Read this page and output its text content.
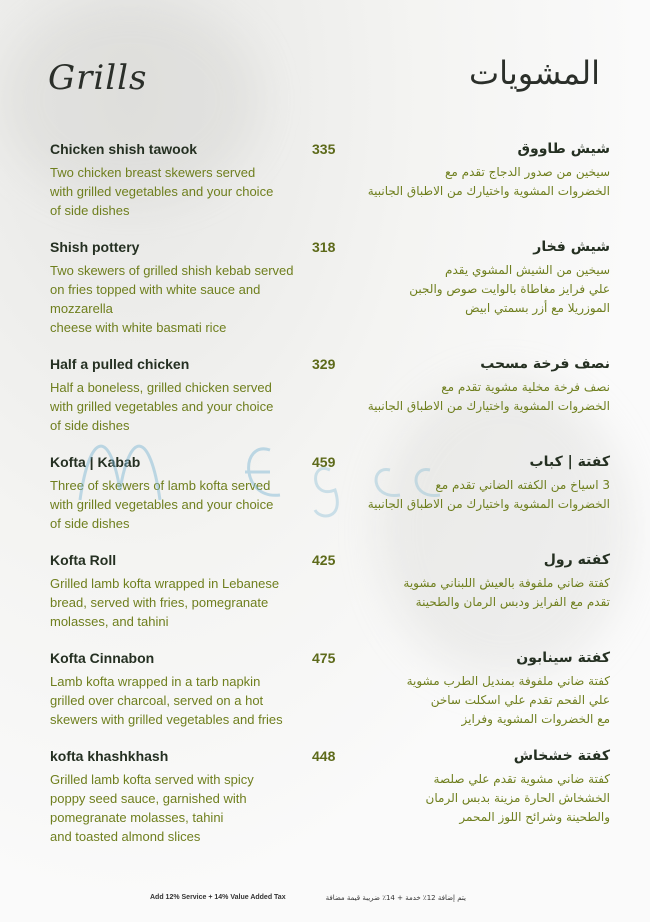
Grills	المشويات
Chicken shish tawook
Two chicken breast skewers served
with grilled vegetables and your choice
of side dishes
335	شيش طاووق
سيخين من صدور الدجاج تقدم مع
الخضروات المشوية واختيارك من الاطباق الجانبية
Shish pottery
Two skewers of grilled shish kebab served
on fries topped with white sauce and mozzarella
cheese with white basmati rice
318	شيش فخار
سيخين من الشيش المشوي يقدم
علي فرايز مغاطاة بالوايت صوص والجبن
الموزريلا مع أزر بسمتي ابيض
Half a pulled chicken
Half a boneless, grilled chicken served
with grilled vegetables and your choice
of side dishes
329	نصف فرخة مسحب
نصف فرخة مخلية مشوية تقدم مع
الخضروات المشوية واختيارك من الاطباق الجانبية
Kofta | Kabab
Three of skewers of lamb kofta served
with grilled vegetables and your choice
of side dishes
459	كفتة | كباب
3 اسياخ من الكفته الضاني تقدم مع
الخضروات المشوية واختيارك من الاطباق الجانبية
Kofta Roll
Grilled lamb kofta wrapped in Lebanese
bread, served with fries, pomegranate
molasses, and tahini
425	كفته رول
كفتة ضاني ملفوفة بالعيش اللبناني مشوية
تقدم مع الفرايز ودبس الرمان والطحينة
Kofta Cinnabon
Lamb kofta wrapped in a tarb napkin
grilled over charcoal, served on a hot
skewers with grilled vegetables and fries
475	كفتة سينابون
كفتة ضاني ملفوفة بمنديل الطرب مشوية
علي الفحم تقدم علي اسكلت ساخن
مع الخضروات المشوية وفرايز
kofta khashkhash
Grilled lamb kofta served with spicy
poppy seed sauce, garnished with
pomegranate molasses, tahini
and toasted almond slices
448	كفتة خشخاش
كفتة ضاني مشوية تقدم علي صلصة
الخشخاش الحارة مزينة بدبس الرمان
والطحينة وشرائح اللوز المحمر
Add 12% Service + 14% Value Added Tax	يتم إضافة 12٪ خدمة + 14٪ ضريبة قيمة مضافة
